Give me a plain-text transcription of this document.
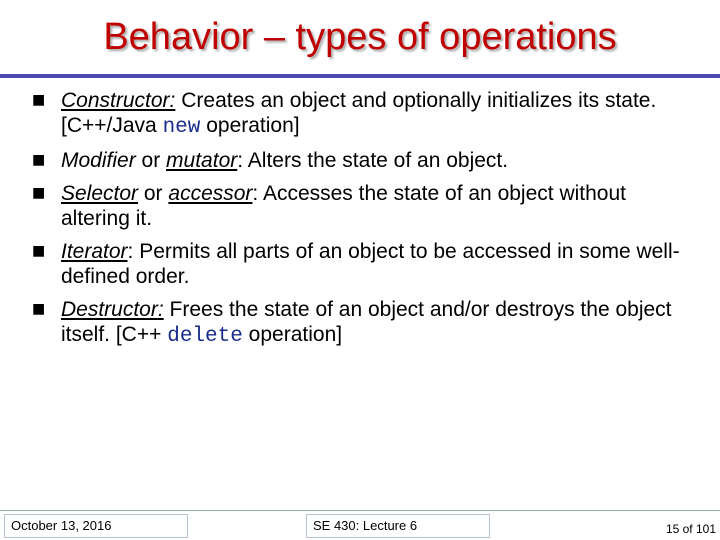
Behavior – types of operations
■ Constructor: Creates an object and optionally initializes its state. [C++/Java new operation]
■ Modifier or mutator: Alters the state of an object.
■ Selector or accessor: Accesses the state of an object without altering it.
■ Iterator: Permits all parts of an object to be accessed in some well-defined order.
■ Destructor: Frees the state of an object and/or destroys the object itself. [C++ delete operation]
October 13, 2016	SE 430: Lecture 6	15 of 101
